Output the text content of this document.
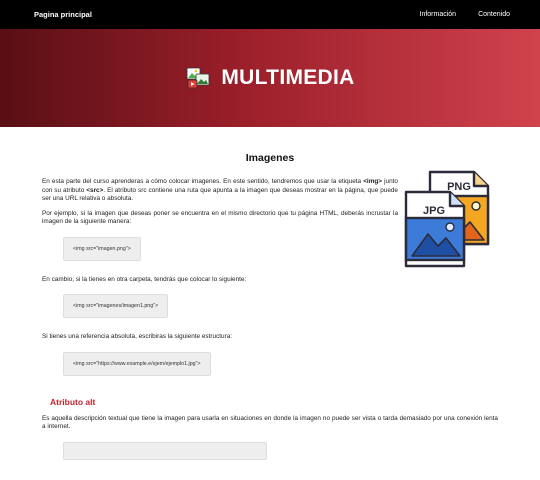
Pagina principal	Información	Contenido
MULTIMEDIA
Imagenes

En esta parte del curso aprenderas a cómo colocar imagenes. En este sentido, tendremos que usar la etiqueta <img> junto con su atributo <src>. El atributo src contiene una ruta que apunta a la imagen que deseas mostrar en la página, que puede ser una URL relativa o absoluta.

Por ejemplo, si la imagen que deseas poner se encuentra en el mismo directorio que tu página HTML, deberás incrustar la imagen de la siguiente manera:

<img src="imagen.png">

En cambio, si la tienes en otra carpeta, tendrás que colocar lo siguiente:

<img src="imagenes/imagen1.png">

Si tienes una referencia absoluta, escribiras la siguiente estructura:

<img src="https://www.example.e/ejem/ejemplo1.jpg">
Atributo alt

Es aquella descripción textual que tiene la imagen para usarla en situaciones en donde la imagen no puede ser vista o tarda demasiado por una conexión lenta a internet.

PNG
JPG
